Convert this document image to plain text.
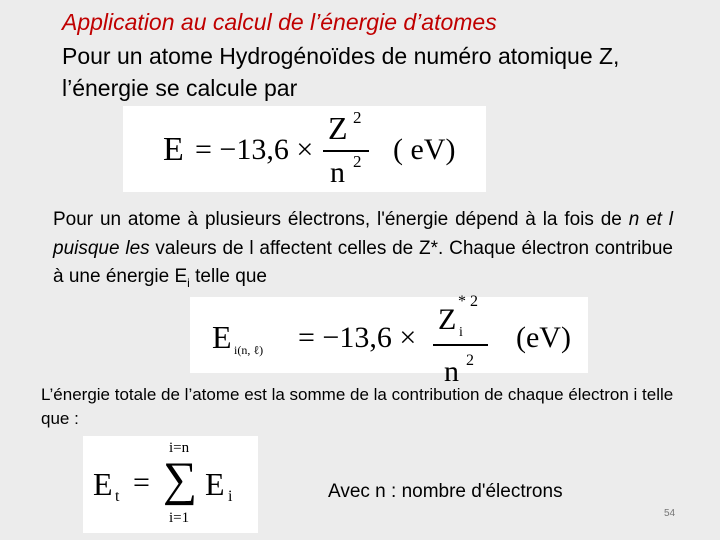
Application au calcul de l’énergie d’atomes
Pour un atome Hydrogénoïdes de numéro atomique Z, l’énergie se calcule par
E = −13,6 ×
Z 2
n 2 ( eV)
Pour un atome à plusieurs électrons, l'énergie dépend à la fois de n et l puisque les valeurs de l affectent celles de Z*. Chaque électron contribue à une énergie $E_i$ telle que
E i(n, ℓ) = −13,6 ×
Z i
* 2
(eV)
n 2
L’énergie totale de l’atome est la somme de la contribution de chaque électron i telle que :
E t =
i=n
∑
i=1
E i	Avec n : nombre d'électrons
54
